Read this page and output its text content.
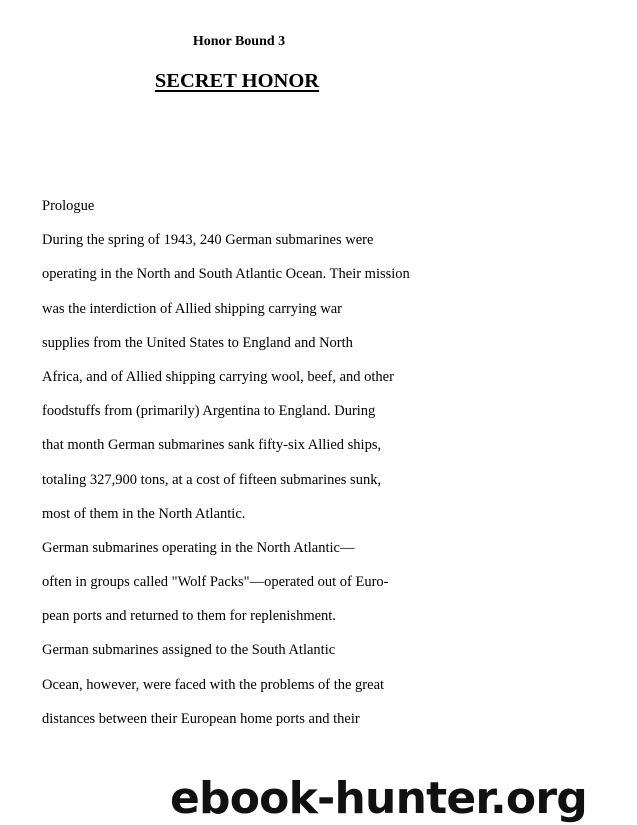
Honor Bound 3
SECRET HONOR
Prologue
During the spring of 1943, 240 German submarines were
operating in the North and South Atlantic Ocean. Their mission
was the interdiction of Allied shipping carrying war
supplies from the United States to England and North
Africa, and of Allied shipping carrying wool, beef, and other
foodstuffs from (primarily) Argentina to England. During
that month German submarines sank fifty-six Allied ships,
totaling 327,900 tons, at a cost of fifteen submarines sunk,
most of them in the North Atlantic.
German submarines operating in the North Atlantic—
often in groups called "Wolf Packs"—operated out of Euro-
pean ports and returned to them for replenishment.
German submarines assigned to the South Atlantic
Ocean, however, were faced with the problems of the great
distances between their European home ports and their
ebook-hunter.org
